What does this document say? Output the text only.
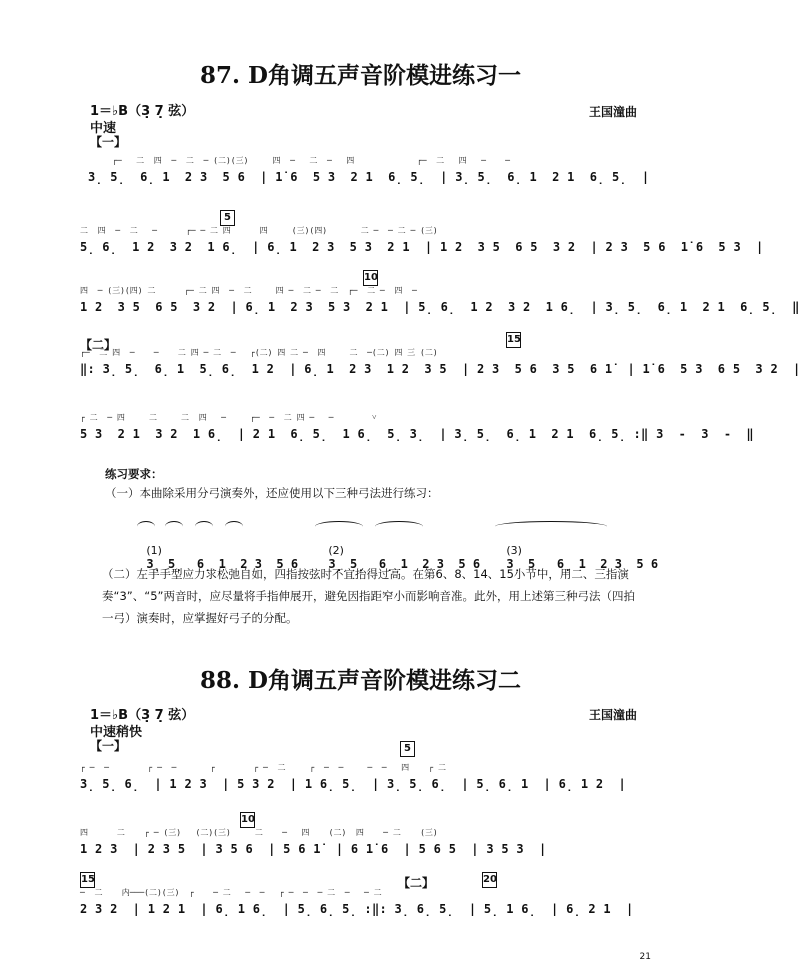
87. D角调五声音阶模进练习一
1＝♭B（3̣ 7̣ 弦）	王国潼曲
中速
【一】
┌─   二  四  ─  二  ─ (二)(三)     四  ─   二  ─   四             ┌─  二   四   ─    ─
3̣ 5̣  6̣ 1  2 3  5 6  | 1̇ 6  5 3  2 1  6̣ 5̣  | 3̣ 5̣  6̣ 1  2 1  6̣ 5̣  |
5
二  四  ─  二   ─      ┌─ ─ 二 四      四     (三)(四)       二 ─  ─ 二 ─ (三)
5̣ 6̣  1 2  3 2  1 6̣  | 6̣ 1  2 3  5 3  2 1  | 1 2  3 5  6 5  3 2  | 2 3  5 6  1̇ 6  5 3  |
10
四  ─ (三)(四) 二      ┌─ 二 四  ─  二     四 ─  二 ─  二  ┌─  二 ─  四  ─
1 2  3 5  6 5  3 2  | 6̣ 1  2 3  5 3  2 1  | 5̣ 6̣  1 2  3 2  1 6̣  | 3̣ 5̣  6̣ 1  2 1  6̣ 5̣  ‖
【二】	15
┌─  二 四  ─    ─    二 四 ─ 二  ─   ┌(二) 四 二 ─  四     二  ─(二) 四 三 (二)
‖: 3̣ 5̣  6̣ 1  5̣ 6̣  1 2  | 6̣ 1  2 3  1 2  3 5  | 2 3  5 6  3 5  6 1̇  | 1̇ 6  5 3  6 5  3 2  |
┌ 二  ─ 四     二     二  四   ─     ┌─  ─  二 四 ─   ─        ˅
5 3  2 1  3 2  1 6̣  | 2 1  6̣ 5̣  1 6̣  5̣ 3̣  | 3̣ 5̣  6̣ 1  2 1  6̣ 5̣ :‖ 3  -  3  -  ‖
练习要求：
（一）本曲除采用分弓演奏外，还应使用以下三种弓法进行练习：

(1)
3̣ 5̣  6̣ 1  2 3  5 6

(2)
3̣ 5̣  6̣ 1  2 3  5 6

(3)
3̣ 5̣  6̣ 1  2 3  5 6

（二）左手手型应力求松弛自如，四指按弦时不宜抬得过高。在第6、8、14、15小节中，用二、三指演奏“3”、“5”两音时，应尽量将手指伸展开，避免因指距窄小而影响音准。此外，用上述第三种弓法（四拍一弓）演奏时，应掌握好弓子的分配。
88. D角调五声音阶模进练习二
1＝♭B（3̣ 7̣ 弦）	王国潼曲
中速稍快
【一】	5
┌ ─  ─        ┌ ─  ─       ┌        ┌ ─  二     ┌  ─  ─     ─  ─   四    ┌ 二
3̣ 5̣ 6̣  | 1 2 3  | 5 3 2  | 1 6̣ 5̣  | 3̣ 5̣ 6̣  | 5̣ 6̣ 1  | 6̣ 1 2  |
10
四      二    ┌ ─ (三)   (二)(三)     二    ─   四    (二)  四    ─ 二    (三)
1 2 3  | 2 3 5  | 3 5 6  | 5 6 1̇  | 6 1̇ 6  | 5 6 5  | 3 5 3  |
15
─  二    内───(二)(三)  ┌    ─ 二   ─  ─   ┌ ─  ─  ─ 二  ─   ─ 二
2 3 2  | 1 2 1  | 6̣ 1 6̣  | 5̣ 6̣ 5̣ :‖: 3̣ 6̣ 5̣  | 5̣ 1 6̣  | 6̣ 2 1  |
【二】	20
21
